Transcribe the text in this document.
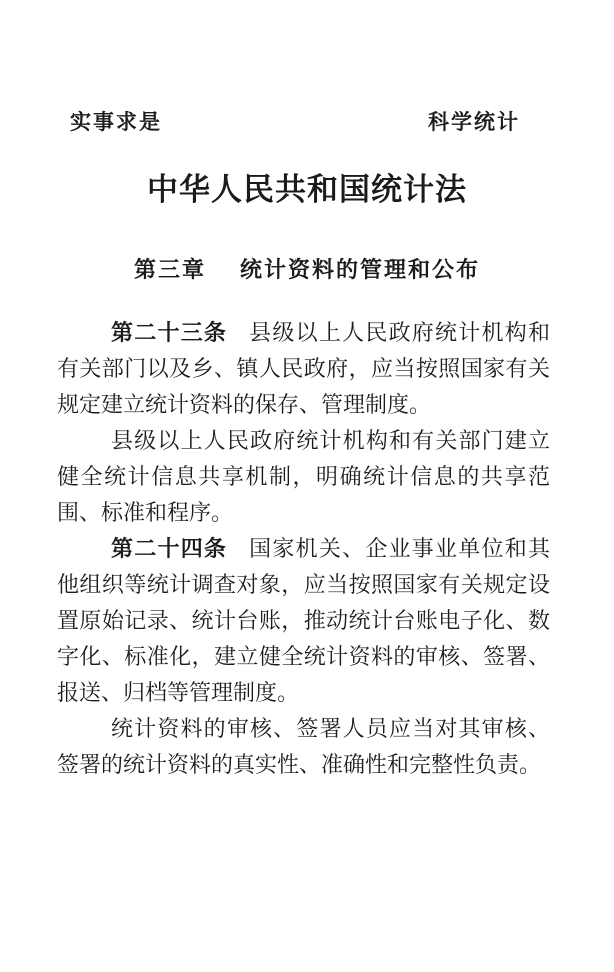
实事求是	科学统计
中华人民共和国统计法
第三章 统计资料的管理和公布

第二十三条 县级以上人民政府统计机构和有关部门以及乡、镇人民政府，应当按照国家有关规定建立统计资料的保存、管理制度。

县级以上人民政府统计机构和有关部门建立健全统计信息共享机制，明确统计信息的共享范围、标准和程序。

第二十四条 国家机关、企业事业单位和其他组织等统计调查对象，应当按照国家有关规定设置原始记录、统计台账，推动统计台账电子化、数字化、标准化，建立健全统计资料的审核、签署、报送、归档等管理制度。

统计资料的审核、签署人员应当对其审核、签署的统计资料的真实性、准确性和完整性负责。
